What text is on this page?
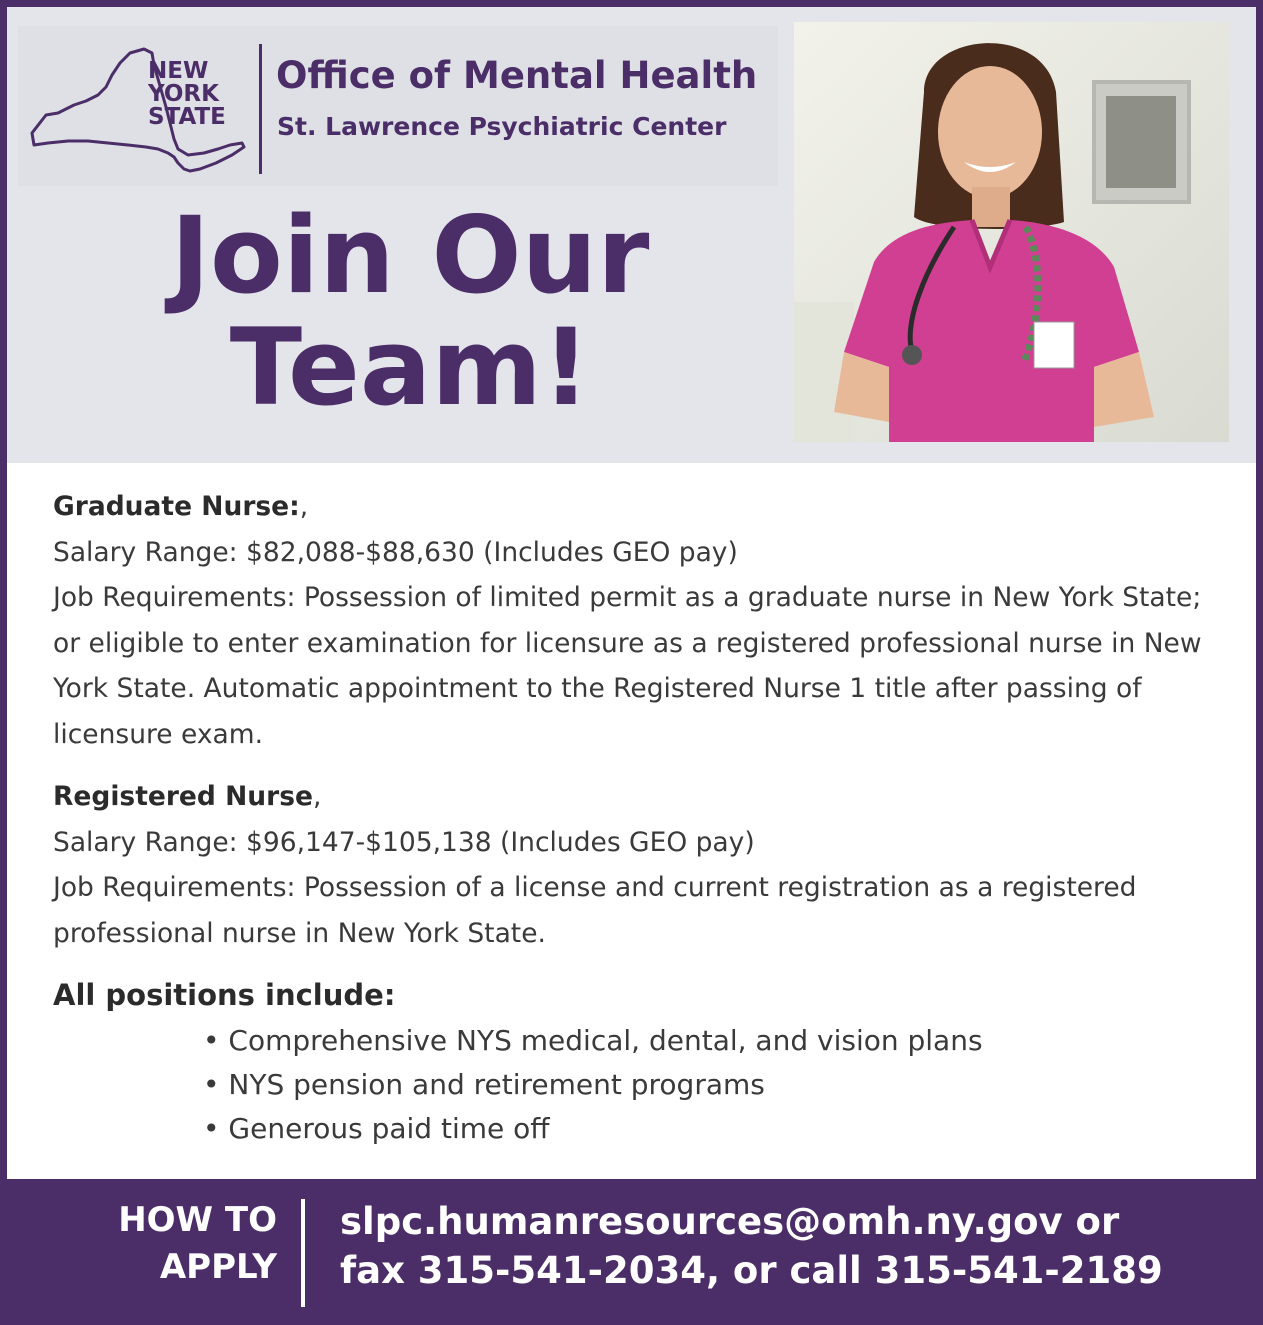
NEW
YORK
STATE
Office of Mental Health
St. Lawrence Psychiatric Center
Join Our
Team!

Graduate Nurse:,

Salary Range: $82,088-$88,630 (Includes GEO pay)

Job Requirements: Possession of limited permit as a graduate nurse in New York State; or eligible to enter examination for licensure as a registered professional nurse in New York State. Automatic appointment to the Registered Nurse 1 title after passing of licensure exam.

Registered Nurse,

Salary Range: $96,147-$105,138 (Includes GEO pay)

Job Requirements: Possession of a license and current registration as a registered professional nurse in New York State.

All positions include:
• Comprehensive NYS medical, dental, and vision plans
• NYS pension and retirement programs
• Generous paid time off
HOW TO
APPLY
slpc.humanresources@omh.ny.gov or
fax 315-541-2034, or call 315-541-2189
